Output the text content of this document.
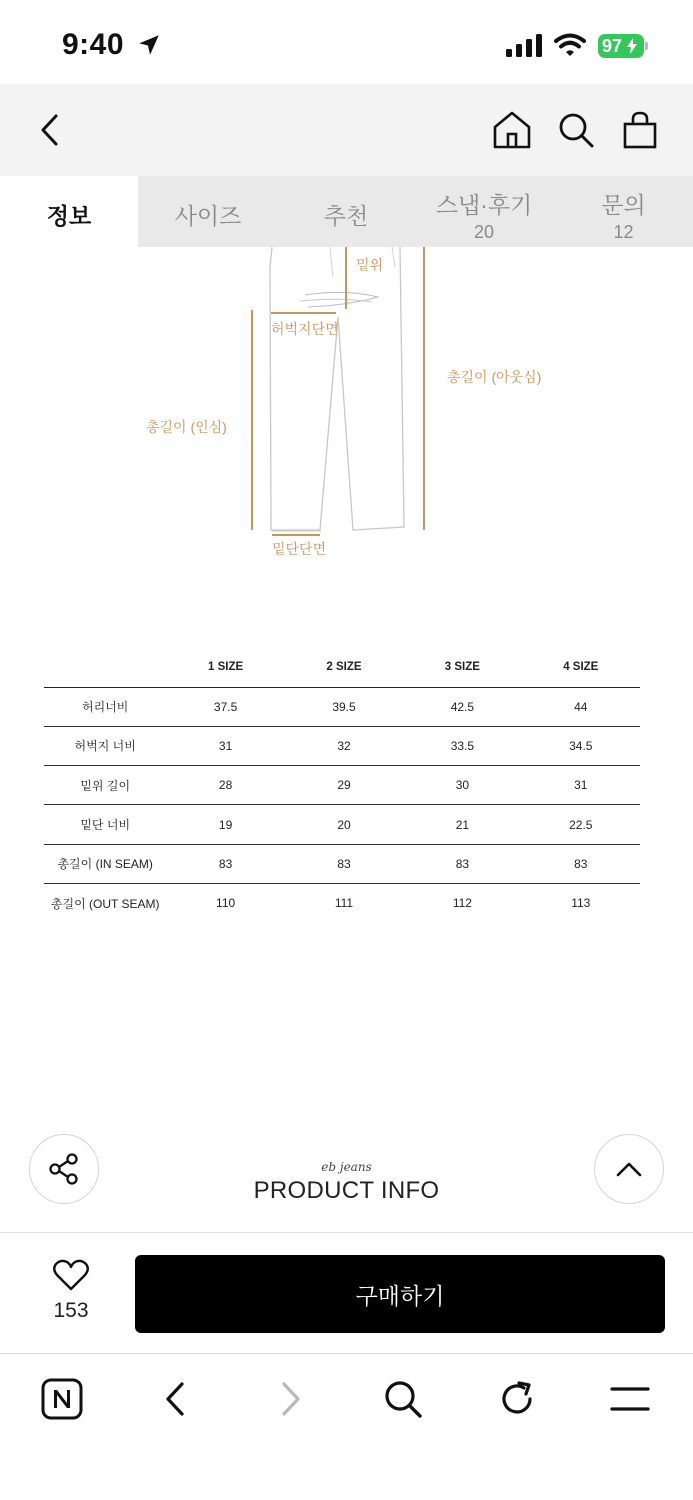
9:40	97
정보	사이즈	추천	스냅·후기
20
문의
12
밑위
허벅지단면
총길이 (아웃심)
총길이 (인심)
밑단단면
	1 SIZE	2 SIZE	3 SIZE	4 SIZE
허리너비	37.5	39.5	42.5	44
허벅지 너비	31	32	33.5	34.5
밑위 길이	28	29	30	31
밑단 너비	19	20	21	22.5
총길이 (IN SEAM)	83	83	83	83
총길이 (OUT SEAM)	110	111	112	113
eb jeans
PRODUCT INFO
153
구매하기
